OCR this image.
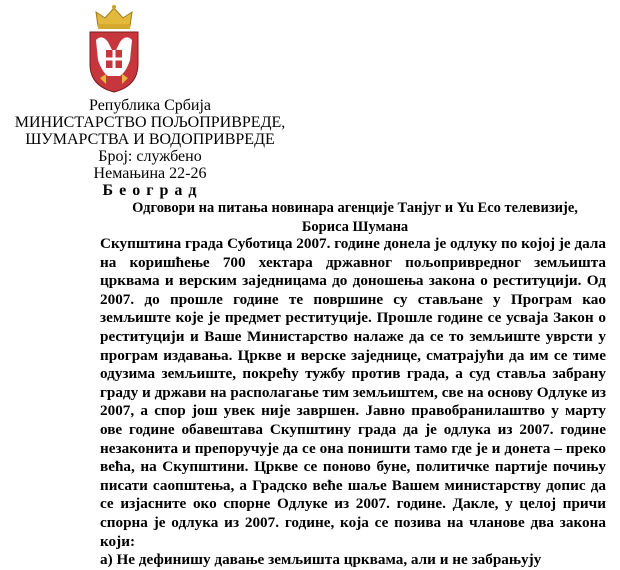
Република Србија
МИНИСТАРСТВО ПОЉОПРИВРЕДЕ,
ШУМАРСТВА И ВОДОПРИВРЕДЕ
Број: службено
Немањина 22-26
Б е о г р а д
Одговори на питања новинара агенције Танјуг и Yu Eco телевизије,
Бориса Шумана
Скупштина града Суботица 2007. године донела је одлуку по којој је дала на коришћење 700 хектара државног пољопривредног земљишта црквама и верским заједницама до доношења закона о реституцији. Од 2007. до прошле године те површине су стављане у Програм као земљиште које је предмет реституције. Прошле године се усваја Закон о реституцији и Ваше Министарство налаже да се то земљиште уврсти у програм издавања. Цркве и верске заједнице, сматрајући да им се тиме одузима земљиште, покрећу тужбу против града, а суд ставља забрану граду и држави на располагање тим земљиштем, све на основу Одлуке из 2007, а спор још увек није завршен. Јавно правобранилаштво у марту ове године обавештава Скупштину града да је одлука из 2007. године незаконита и препоручује да се она поништи тамо где је и донета – преко већа, на Скупштини. Цркве се поново буне, политичке партије почињу писати саопштења, а Градско веће шаље Вашем министарству допис да се изјасните око спорне Одлуке из 2007. године. Дакле, у целој причи спорна је одлука из 2007. године, која се позива на чланове два закона који:
а) Не дефинишу давање земљишта црквама, али и не забрањују
